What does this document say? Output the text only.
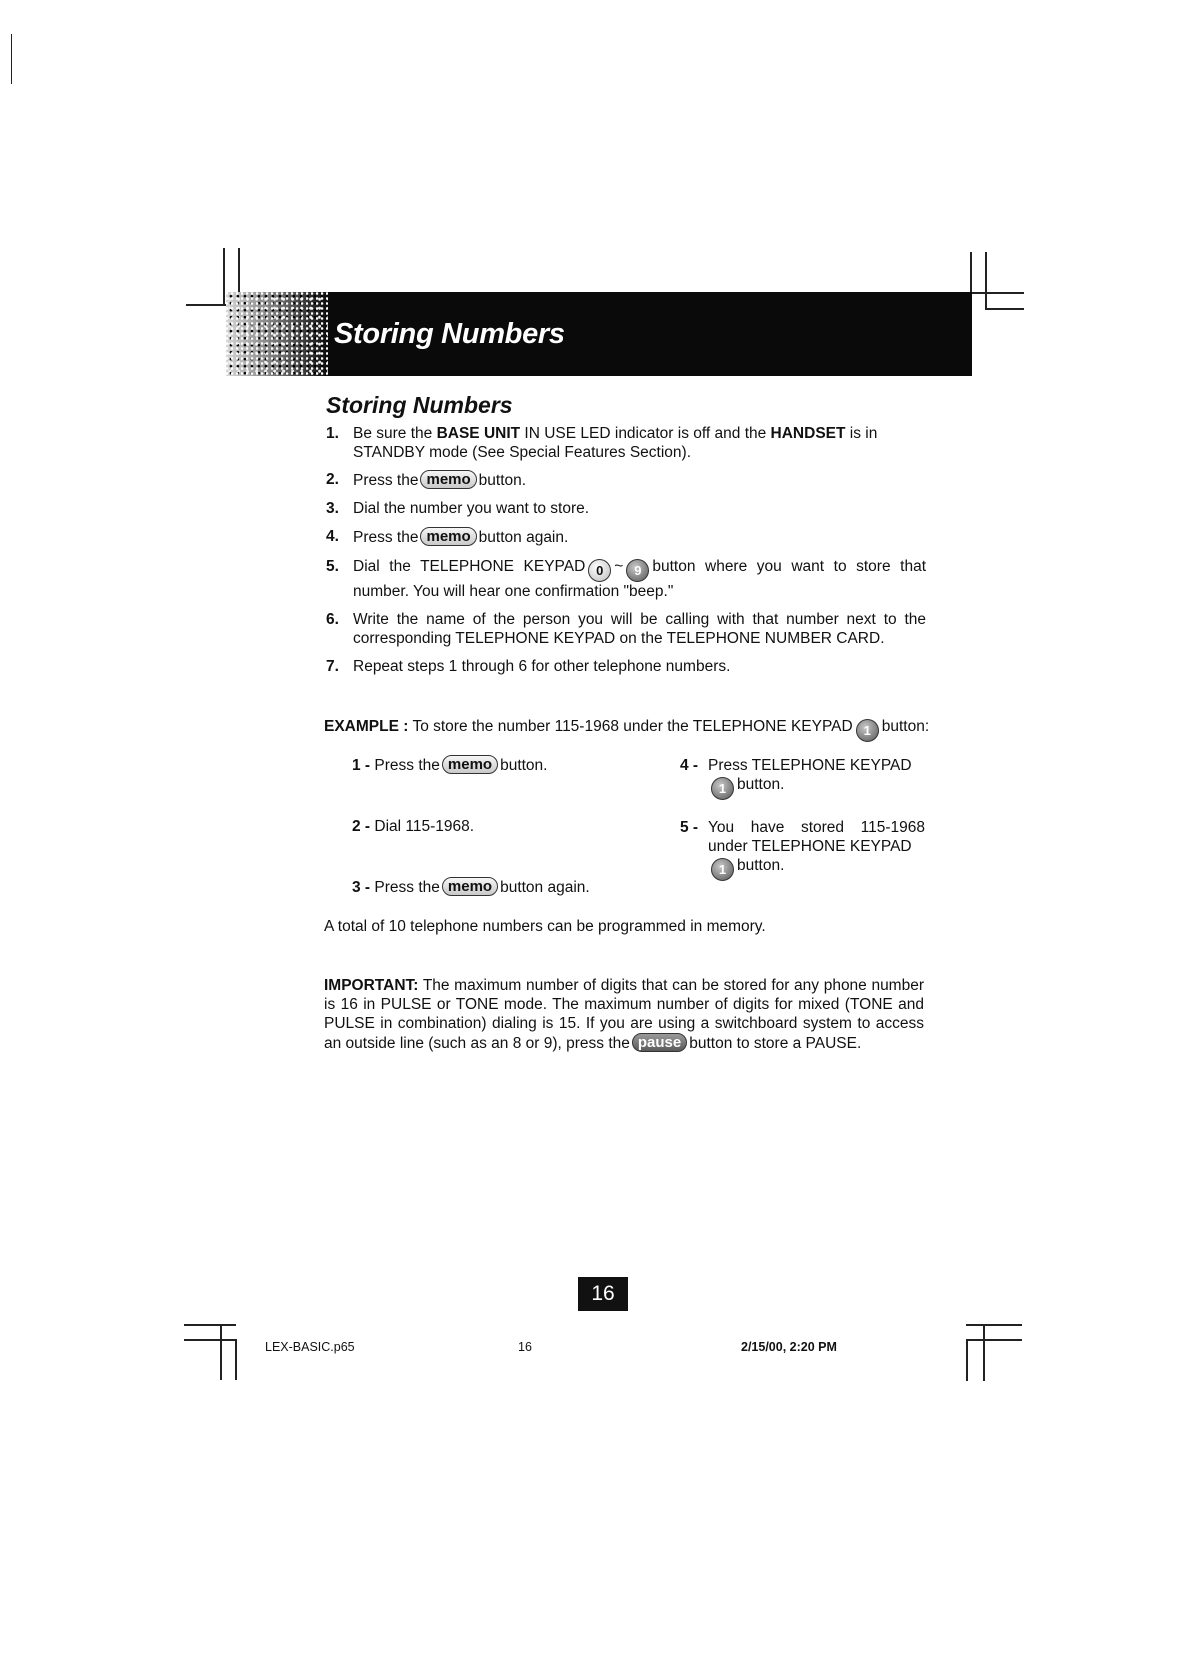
Storing Numbers
Storing Numbers
1. Be sure the BASE UNIT IN USE LED indicator is off and the HANDSET is in STANDBY mode (See Special Features Section).
2. Press the memo button.
3. Dial the number you want to store.
4. Press the memo button again.
5. Dial the TELEPHONE KEYPAD 0 ~ 9 button where you want to store that number. You will hear one confirmation "beep."
6. Write the name of the person you will be calling with that number next to the corresponding TELEPHONE KEYPAD on the TELEPHONE NUMBER CARD.
7. Repeat steps 1 through 6 for other telephone numbers.
EXAMPLE : To store the number 115-1968 under the TELEPHONE KEYPAD 1 button:
1 - Press the memo button.
2 - Dial 115-1968.
3 - Press the memo button again.
4 - Press TELEPHONE KEYPAD
1 button.
5 - You have stored 115-1968 under TELEPHONE KEYPAD
1 button.
A total of 10 telephone numbers can be programmed in memory.
IMPORTANT: The maximum number of digits that can be stored for any phone number is 16 in PULSE or TONE mode. The maximum number of digits for mixed (TONE and PULSE in combination) dialing is 15. If you are using a switchboard system to access an outside line (such as an 8 or 9), press the pause button to store a PAUSE.
16
LEX-BASIC.p65	16	2/15/00, 2:20 PM
